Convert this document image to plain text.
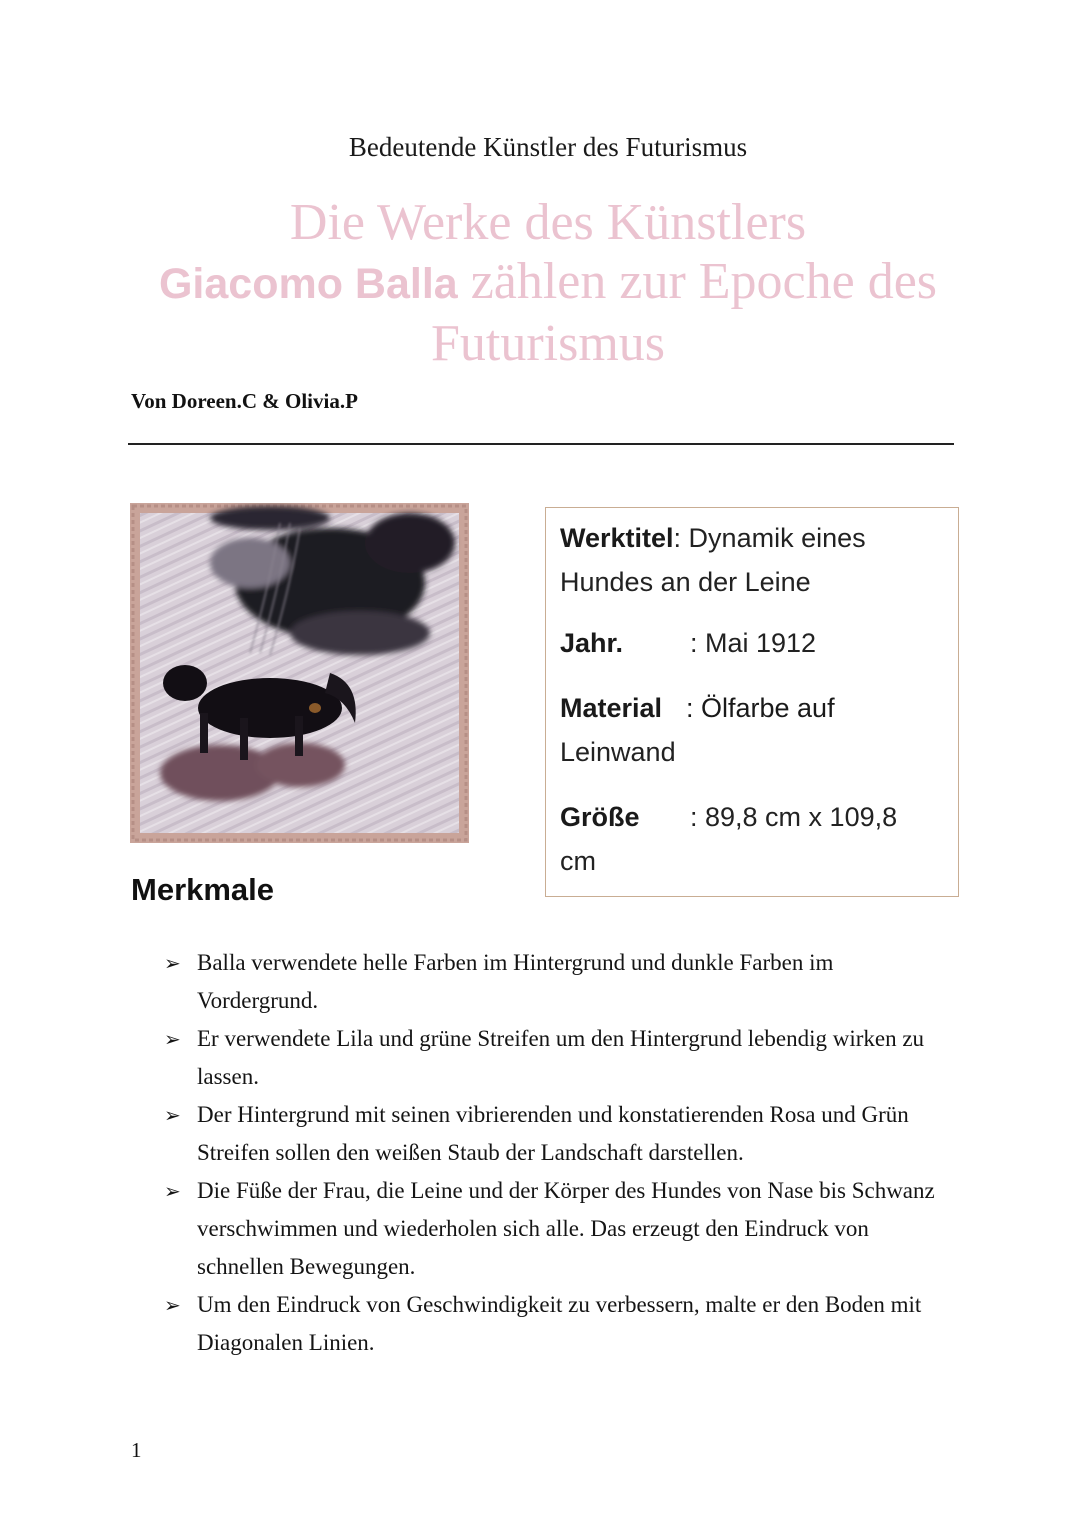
Bedeutende Künstler des Futurismus
Die Werke des Künstlers
Giacomo Balla zählen zur Epoche des
Futurismus
Von Doreen.C & Olivia.P
Werktitel: Dynamik eines
Hundes an der Leine
Jahr. : Mai 1912
Material : Ölfarbe auf

Leinwand
Größe : 89,8 cm x 109,8

cm
Merkmale
➢ Balla verwendete helle Farben im Hintergrund und dunkle Farben im Vordergrund.
➢ Er verwendete Lila und grüne Streifen um den Hintergrund lebendig wirken zu lassen.
➢ Der Hintergrund mit seinen vibrierenden und konstatierenden Rosa und Grün Streifen sollen den weißen Staub der Landschaft darstellen.
➢ Die Füße der Frau, die Leine und der Körper des Hundes von Nase bis Schwanz verschwimmen und wiederholen sich alle. Das erzeugt den Eindruck von schnellen Bewegungen.
➢ Um den Eindruck von Geschwindigkeit zu verbessern, malte er den Boden mit Diagonalen Linien.
1
